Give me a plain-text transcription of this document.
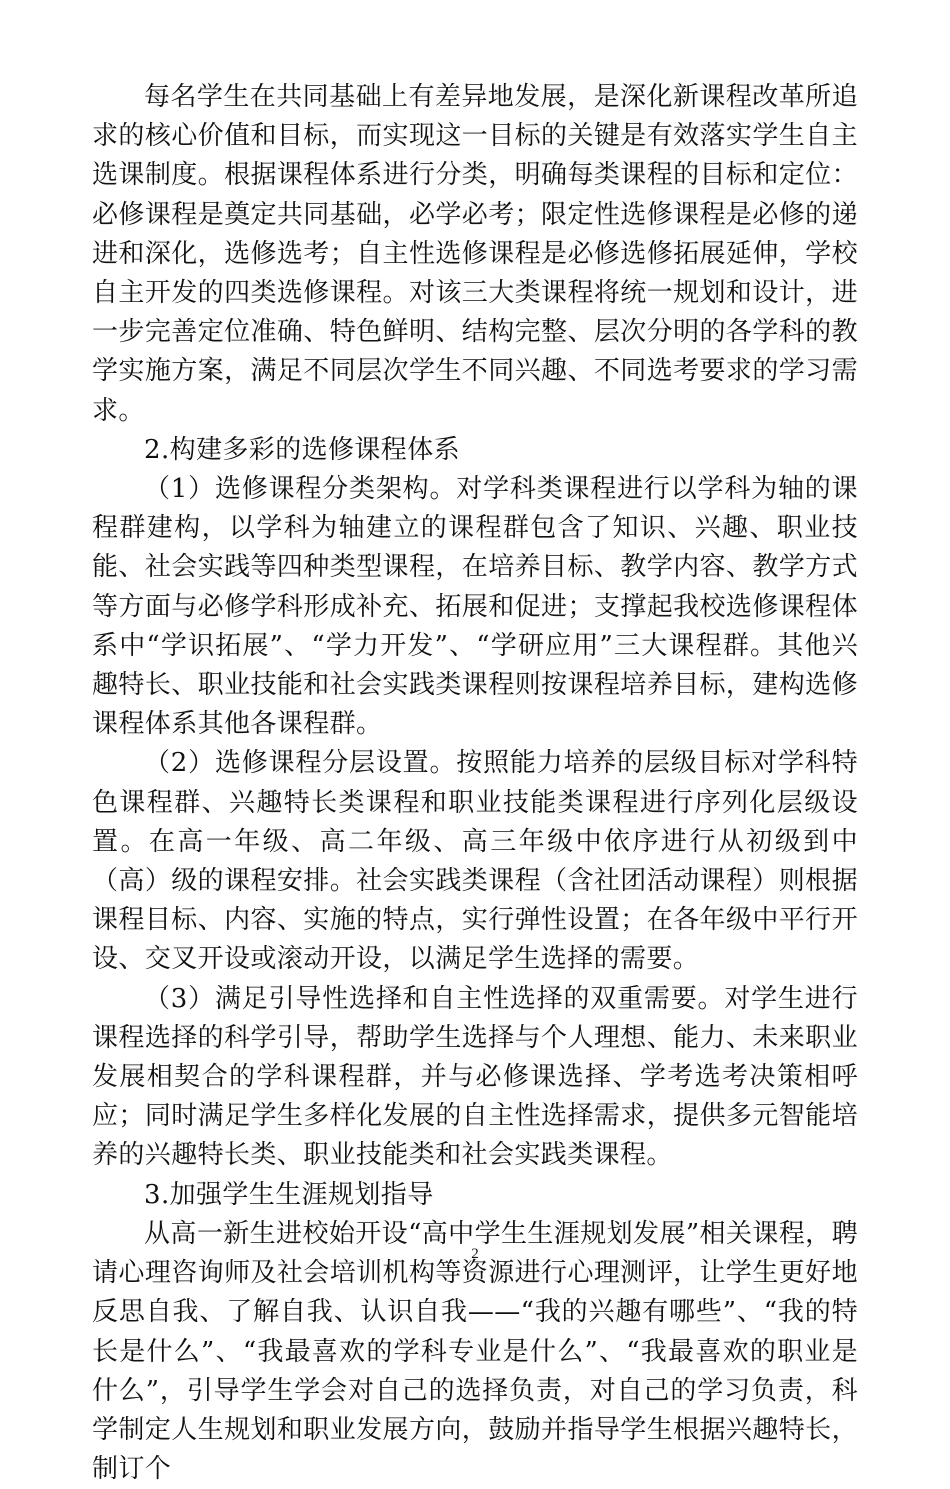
每名学生在共同基础上有差异地发展，是深化新课程改革所追求的核心价值和目标，而实现这一目标的关键是有效落实学生自主选课制度。根据课程体系进行分类，明确每类课程的目标和定位：必修课程是奠定共同基础，必学必考；限定性选修课程是必修的递进和深化，选修选考；自主性选修课程是必修选修拓展延伸，学校自主开发的四类选修课程。对该三大类课程将统一规划和设计，进一步完善定位准确、特色鲜明、结构完整、层次分明的各学科的教学实施方案，满足不同层次学生不同兴趣、不同选考要求的学习需求。

2.构建多彩的选修课程体系

（1）选修课程分类架构。对学科类课程进行以学科为轴的课程群建构，以学科为轴建立的课程群包含了知识、兴趣、职业技能、社会实践等四种类型课程，在培养目标、教学内容、教学方式等方面与必修学科形成补充、拓展和促进；支撑起我校选修课程体系中“学识拓展”、“学力开发”、“学研应用”三大课程群。其他兴趣特长、职业技能和社会实践类课程则按课程培养目标，建构选修课程体系其他各课程群。

（2）选修课程分层设置。按照能力培养的层级目标对学科特色课程群、兴趣特长类课程和职业技能类课程进行序列化层级设置。在高一年级、高二年级、高三年级中依序进行从初级到中（高）级的课程安排。社会实践类课程（含社团活动课程）则根据课程目标、内容、实施的特点，实行弹性设置；在各年级中平行开设、交叉开设或滚动开设，以满足学生选择的需要。

（3）满足引导性选择和自主性选择的双重需要。对学生进行课程选择的科学引导，帮助学生选择与个人理想、能力、未来职业发展相契合的学科课程群，并与必修课选择、学考选考决策相呼应；同时满足学生多样化发展的自主性选择需求，提供多元智能培养的兴趣特长类、职业技能类和社会实践类课程。

3.加强学生生涯规划指导

从高一新生进校始开设“高中学生生涯规划发展”相关课程，聘请心理咨询师及社会培训机构等资源进行心理测评，让学生更好地反思自我、了解自我、认识自我——“我的兴趣有哪些”、“我的特长是什么”、“我最喜欢的学科专业是什么”、“我最喜欢的职业是什么”，引导学生学会对自己的选择负责，对自己的学习负责，科学制定人生规划和职业发展方向，鼓励并指导学生根据兴趣特长，制订个

2
